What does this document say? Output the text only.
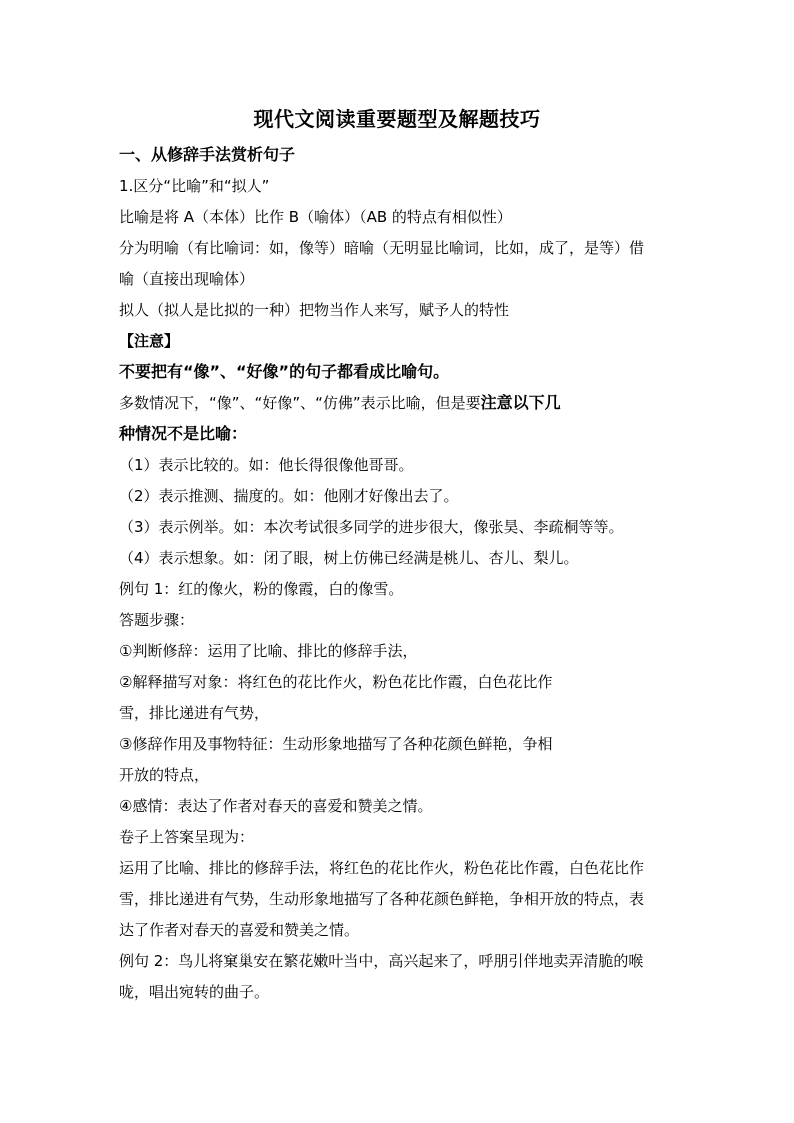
现代文阅读重要题型及解题技巧
一、从修辞手法赏析句子
1.区分“比喻”和“拟人”
比喻是将 A（本体）比作 B（喻体）（AB 的特点有相似性）
分为明喻（有比喻词：如，像等）暗喻（无明显比喻词，比如，成了，是等）借
喻（直接出现喻体）
拟人（拟人是比拟的一种）把物当作人来写，赋予人的特性
【注意】
不要把有“像”、“好像”的句子都看成比喻句。
多数情况下，“像”、“好像”、“仿佛”表示比喻，但是要注意以下几
种情况不是比喻：
（1）表示比较的。如：他长得很像他哥哥。
（2）表示推测、揣度的。如：他刚才好像出去了。
（3）表示例举。如：本次考试很多同学的进步很大，像张昊、李疏桐等等。
（4）表示想象。如：闭了眼，树上仿佛已经满是桃儿、杏儿、梨儿。
例句 1：红的像火，粉的像霞，白的像雪。
答题步骤：
①判断修辞：运用了比喻、排比的修辞手法，
②解释描写对象：将红色的花比作火，粉色花比作霞，白色花比作
雪，排比递进有气势，
③修辞作用及事物特征：生动形象地描写了各种花颜色鲜艳，争相
开放的特点，
④感情：表达了作者对春天的喜爱和赞美之情。
卷子上答案呈现为：
运用了比喻、排比的修辞手法，将红色的花比作火，粉色花比作霞，白色花比作
雪，排比递进有气势，生动形象地描写了各种花颜色鲜艳，争相开放的特点，表
达了作者对春天的喜爱和赞美之情。
例句 2：鸟儿将窠巢安在繁花嫩叶当中，高兴起来了，呼朋引伴地卖弄清脆的喉
咙，唱出宛转的曲子。
